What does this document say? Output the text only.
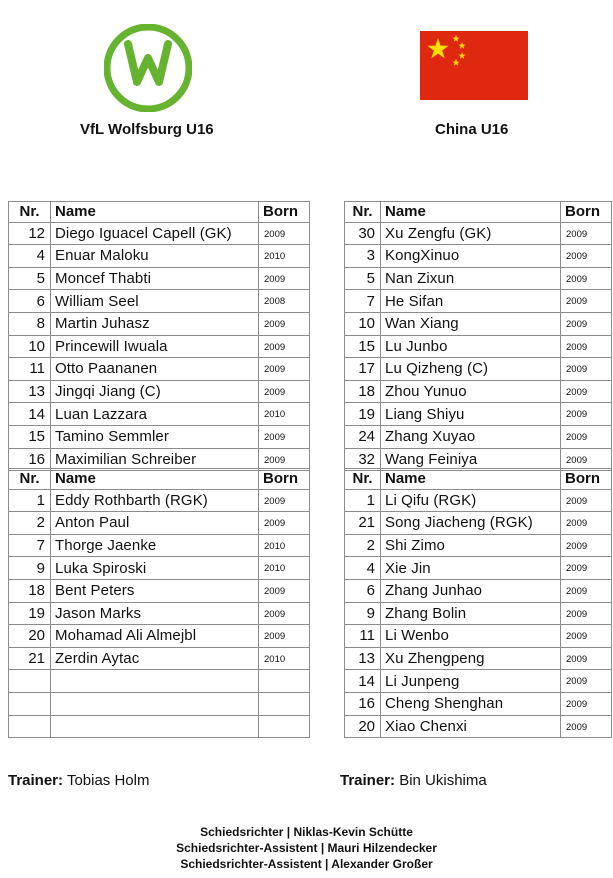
VfL Wolfsburg U16	China U16
Nr.	Name	Born
12	Diego Iguacel Capell (GK)	2009
4	Enuar Maloku	2010
5	Moncef Thabti	2009
6	William Seel	2008
8	Martin Juhasz	2009
10	Princewill Iwuala	2009
11	Otto Paananen	2009
13	Jingqi Jiang (C)	2009
14	Luan Lazzara	2010
15	Tamino Semmler	2009
16	Maximilian Schreiber	2009
Nr.	Name	Born
30	Xu Zengfu (GK)	2009
3	KongXinuo	2009
5	Nan Zixun	2009
7	He Sifan	2009
10	Wan Xiang	2009
15	Lu Junbo	2009
17	Lu Qizheng (C)	2009
18	Zhou Yunuo	2009
19	Liang Shiyu	2009
24	Zhang Xuyao	2009
32	Wang Feiniya	2009
Nr.	Name	Born
1	Eddy Rothbarth (RGK)	2009
2	Anton Paul	2009
7	Thorge Jaenke	2010
9	Luka Spiroski	2010
18	Bent Peters	2009
19	Jason Marks	2009
20	Mohamad Ali Almejbl	2009
21	Zerdin Aytac	2010

Nr.	Name	Born
1	Li Qifu (RGK)	2009
21	Song Jiacheng (RGK)	2009
2	Shi Zimo	2009
4	Xie Jin	2009
6	Zhang Junhao	2009
9	Zhang Bolin	2009
11	Li Wenbo	2009
13	Xu Zhengpeng	2009
14	Li Junpeng	2009
16	Cheng Shenghan	2009
20	Xiao Chenxi	2009
Trainer: Tobias Holm	Trainer: Bin Ukishima
Schiedsrichter | Niklas-Kevin Schütte
Schiedsrichter-Assistent | Mauri Hilzendecker
Schiedsrichter-Assistent | Alexander Großer
